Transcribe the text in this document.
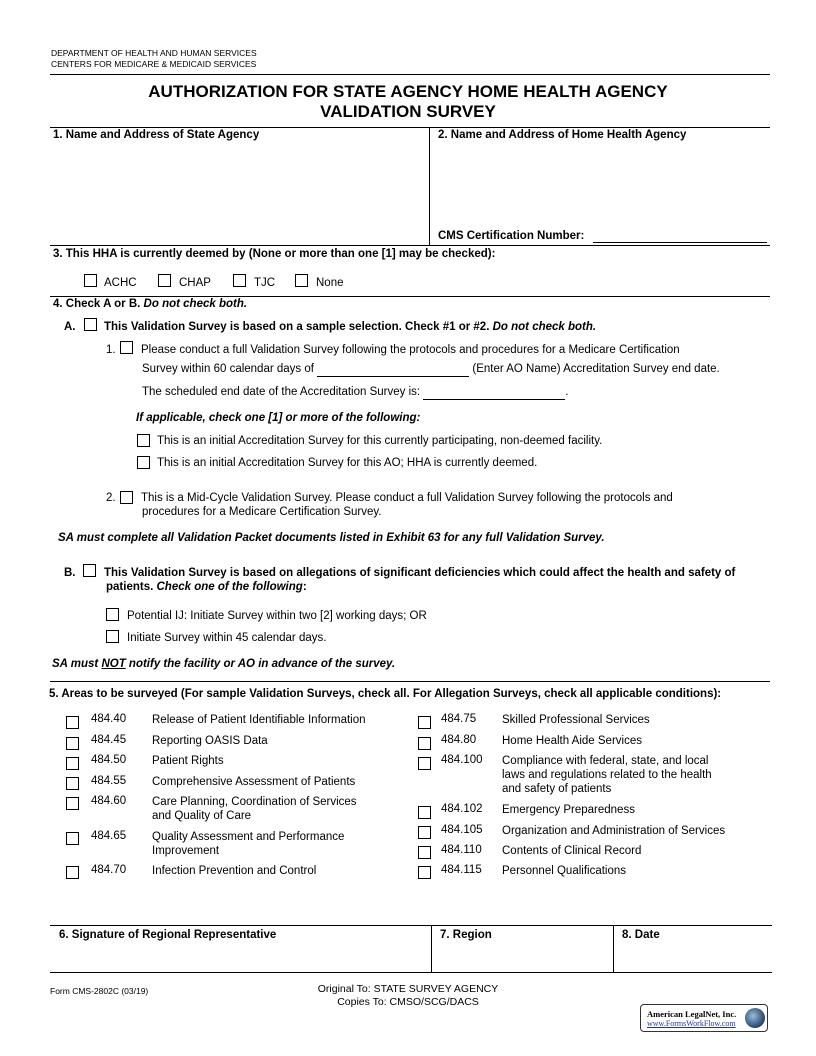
DEPARTMENT OF HEALTH AND HUMAN SERVICES
CENTERS FOR MEDICARE & MEDICAID SERVICES
AUTHORIZATION FOR STATE AGENCY HOME HEALTH AGENCY
VALIDATION SURVEY
1. Name and Address of State Agency	2. Name and Address of Home Health Agency
CMS Certification Number:
3. This HHA is currently deemed by (None or more than one [1] may be checked):
ACHC	CHAP	TJC	None
4. Check A or B. Do not check both.
A. This Validation Survey is based on a sample selection. Check #1 or #2. Do not check both.
1. Please conduct a full Validation Survey following the protocols and procedures for a Medicare Certification
Survey within 60 calendar days of	(Enter AO Name) Accreditation Survey end date.
The scheduled end date of the Accreditation Survey is:	.
If applicable, check one [1] or more of the following:
This is an initial Accreditation Survey for this currently participating, non-deemed facility.
This is an initial Accreditation Survey for this AO; HHA is currently deemed.
2. This is a Mid-Cycle Validation Survey. Please conduct a full Validation Survey following the protocols and
procedures for a Medicare Certification Survey.
SA must complete all Validation Packet documents listed in Exhibit 63 for any full Validation Survey.
B. This Validation Survey is based on allegations of significant deficiencies which could affect the health and safety of
patients. Check one of the following:
Potential IJ: Initiate Survey within two [2] working days; OR
Initiate Survey within 45 calendar days.
SA must NOT notify the facility or AO in advance of the survey.
5. Areas to be surveyed (For sample Validation Surveys, check all. For Allegation Surveys, check all applicable conditions):
484.40 Release of Patient Identifiable Information
484.45 Reporting OASIS Data
484.50 Patient Rights
484.55 Comprehensive Assessment of Patients
484.60 Care Planning, Coordination of Services
and Quality of Care
484.65 Quality Assessment and Performance
Improvement
484.70 Infection Prevention and Control
484.75 Skilled Professional Services
484.80 Home Health Aide Services
484.100 Compliance with federal, state, and local
laws and regulations related to the health
and safety of patients
484.102 Emergency Preparedness
484.105 Organization and Administration of Services
484.110 Contents of Clinical Record
484.115 Personnel Qualifications
6. Signature of Regional Representative	7. Region	8. Date
Form CMS-2802C (03/19)	Original To: STATE SURVEY AGENCY
Copies To: CMSO/SCG/DACS
American LegalNet, Inc.
www.FormsWorkFlow.com
